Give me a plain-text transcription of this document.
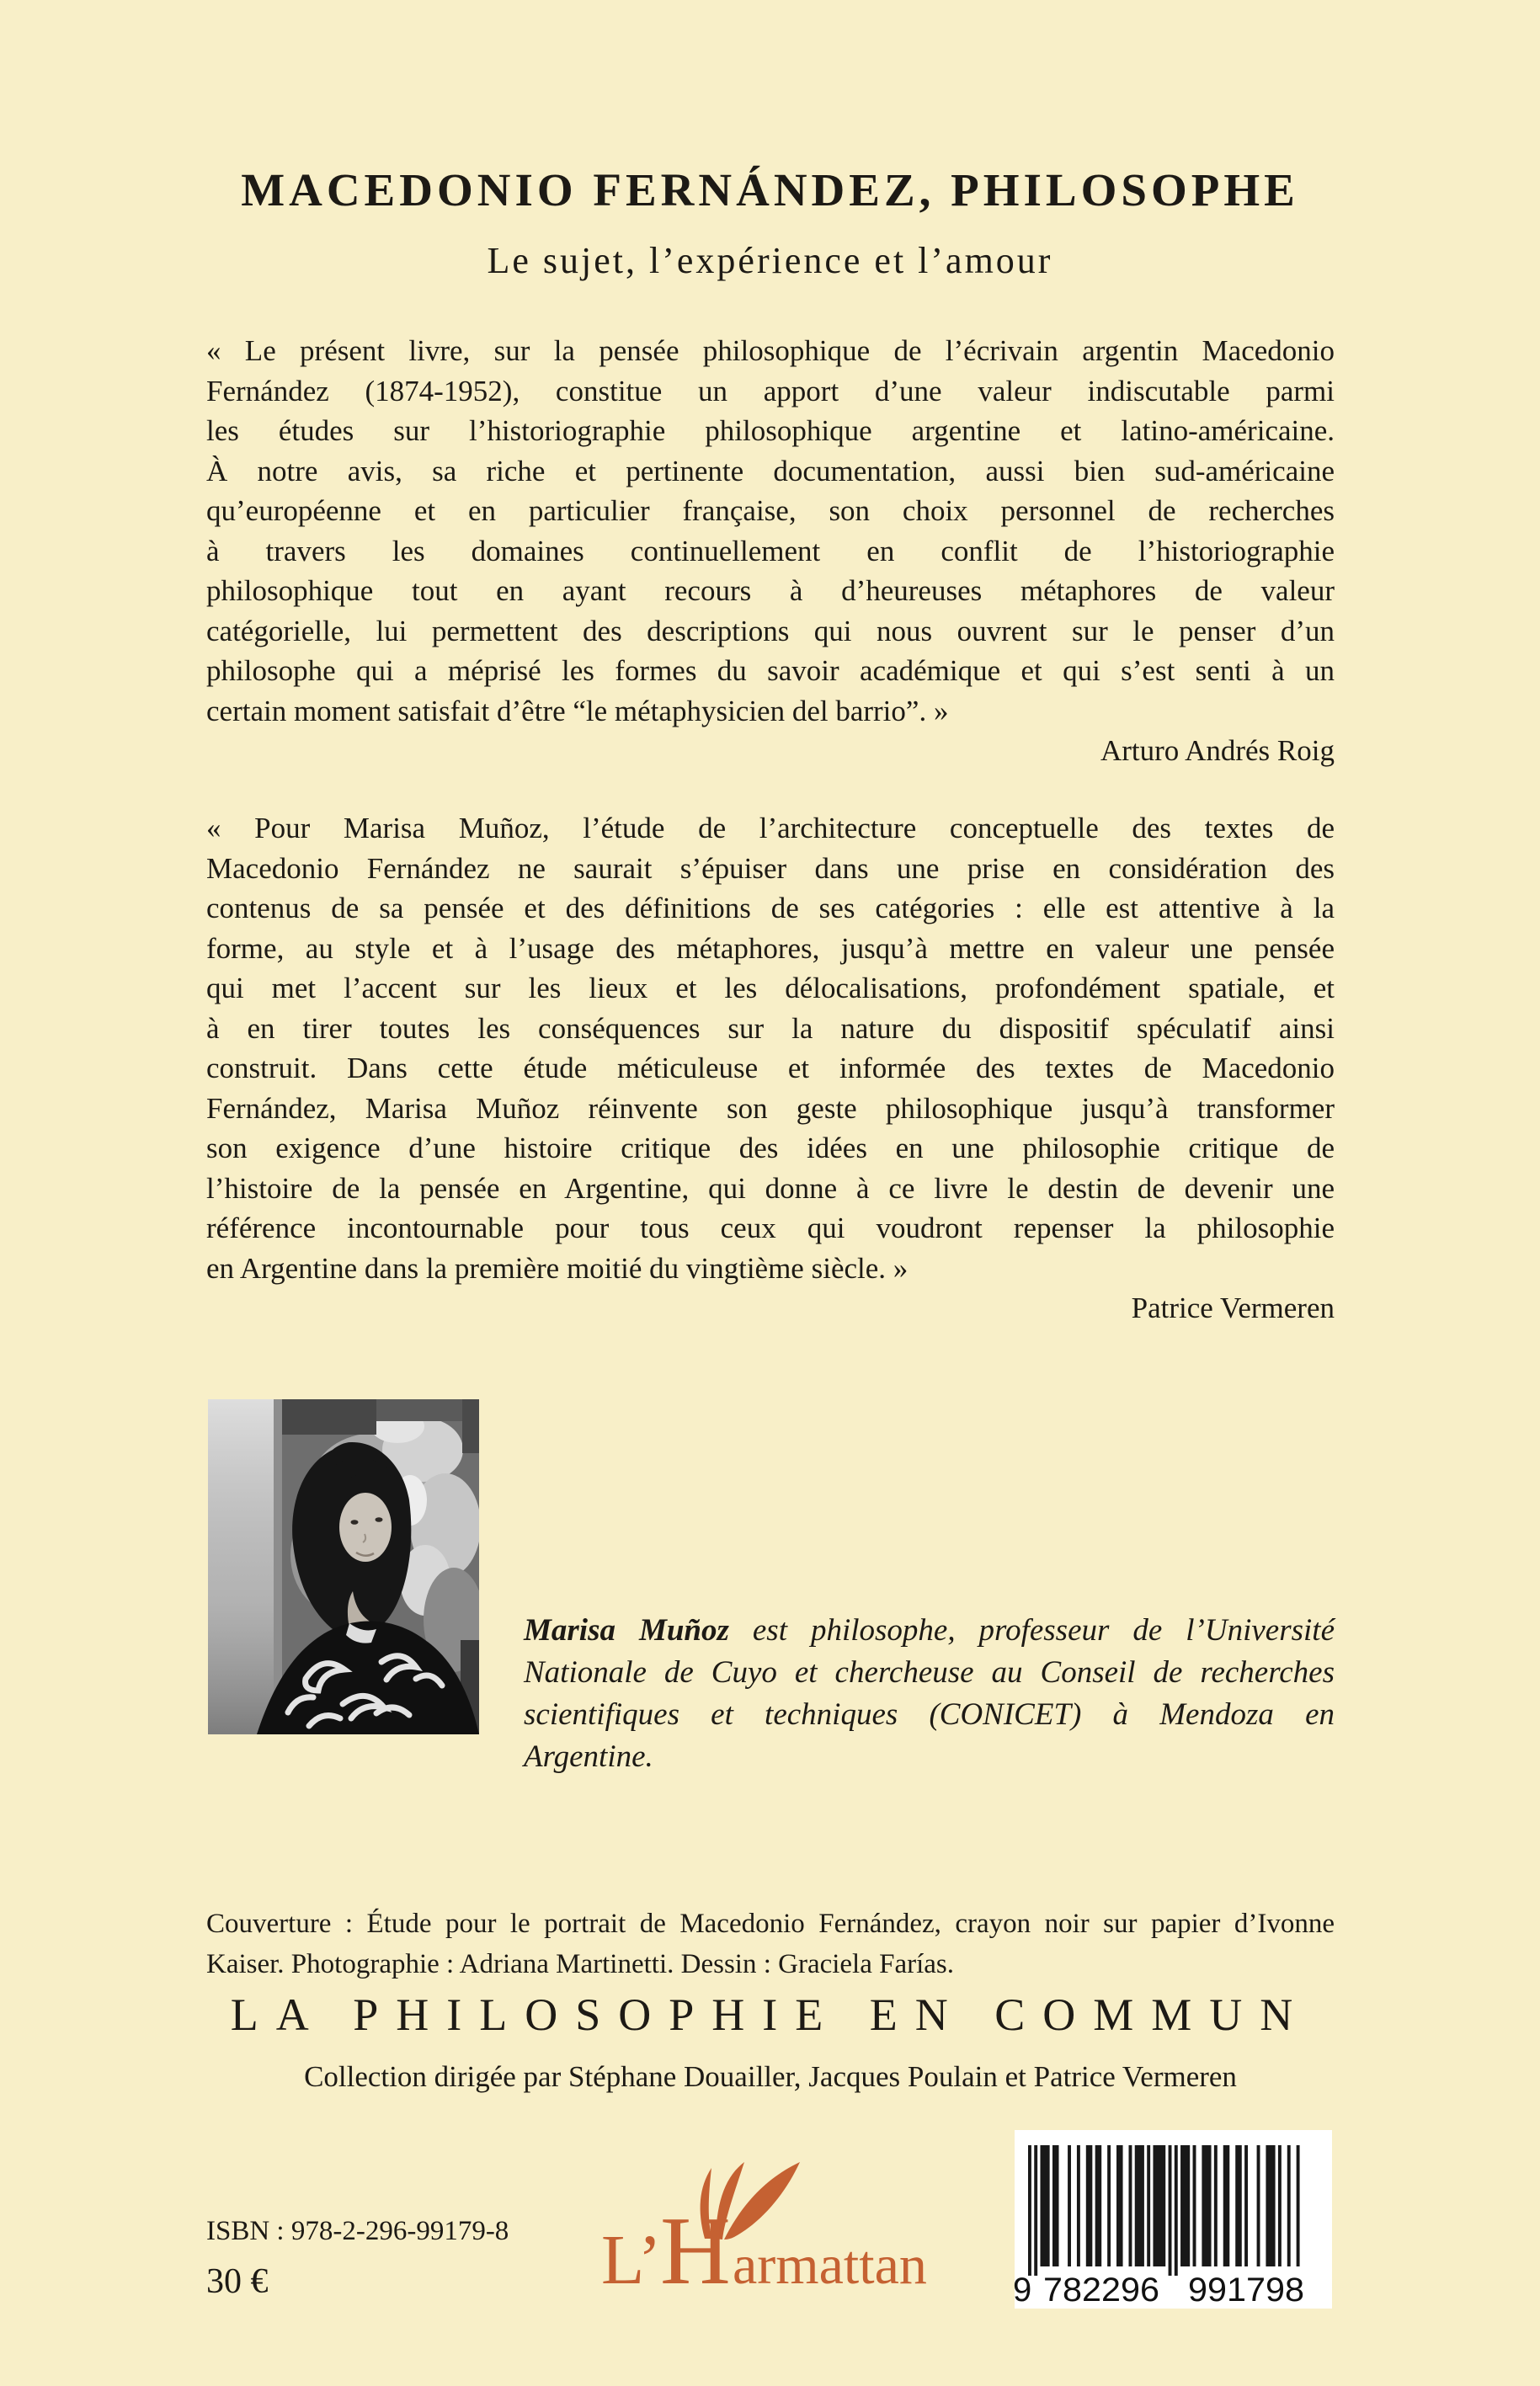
MACEDONIO FERNÁNDEZ, PHILOSOPHE
Le sujet, l’expérience et l’amour
« Le présent livre, sur la pensée philosophique de l’écrivain argentin Macedonio
Fernández (1874-1952), constitue un apport d’une valeur indiscutable parmi
les études sur l’historiographie philosophique argentine et latino-américaine.
À notre avis, sa riche et pertinente documentation, aussi bien sud-américaine
qu’européenne et en particulier française, son choix personnel de recherches
à travers les domaines continuellement en conflit de l’historiographie
philosophique tout en ayant recours à d’heureuses métaphores de valeur
catégorielle, lui permettent des descriptions qui nous ouvrent sur le penser d’un
philosophe qui a méprisé les formes du savoir académique et qui s’est senti à un
certain moment satisfait d’être “le métaphysicien del barrio”. »
Arturo Andrés Roig
« Pour Marisa Muñoz, l’étude de l’architecture conceptuelle des textes de
Macedonio Fernández ne saurait s’épuiser dans une prise en considération des
contenus de sa pensée et des définitions de ses catégories : elle est attentive à la
forme, au style et à l’usage des métaphores, jusqu’à mettre en valeur une pensée
qui met l’accent sur les lieux et les délocalisations, profondément spatiale, et
à en tirer toutes les conséquences sur la nature du dispositif spéculatif ainsi
construit. Dans cette étude méticuleuse et informée des textes de Macedonio
Fernández, Marisa Muñoz réinvente son geste philosophique jusqu’à transformer
son exigence d’une histoire critique des idées en une philosophie critique de
l’histoire de la pensée en Argentine, qui donne à ce livre le destin de devenir une
référence incontournable pour tous ceux qui voudront repenser la philosophie
en Argentine dans la première moitié du vingtième siècle. »
Patrice Vermeren
Marisa Muñoz est philosophe, professeur de l’Université
Nationale de Cuyo et chercheuse au Conseil de recherches
scientifiques et techniques (CONICET) à Mendoza en
Argentine.
Couverture : Étude pour le portrait de Macedonio Fernández, crayon noir sur papier d’Ivonne
Kaiser. Photographie : Adriana Martinetti. Dessin : Graciela Farías.
LA PHILOSOPHIE EN COMMUN
Collection dirigée par Stéphane Douailler, Jacques Poulain et Patrice Vermeren
ISBN : 978-2-296-99179-8
30 €	L’
H armattan	9 782296 991798
